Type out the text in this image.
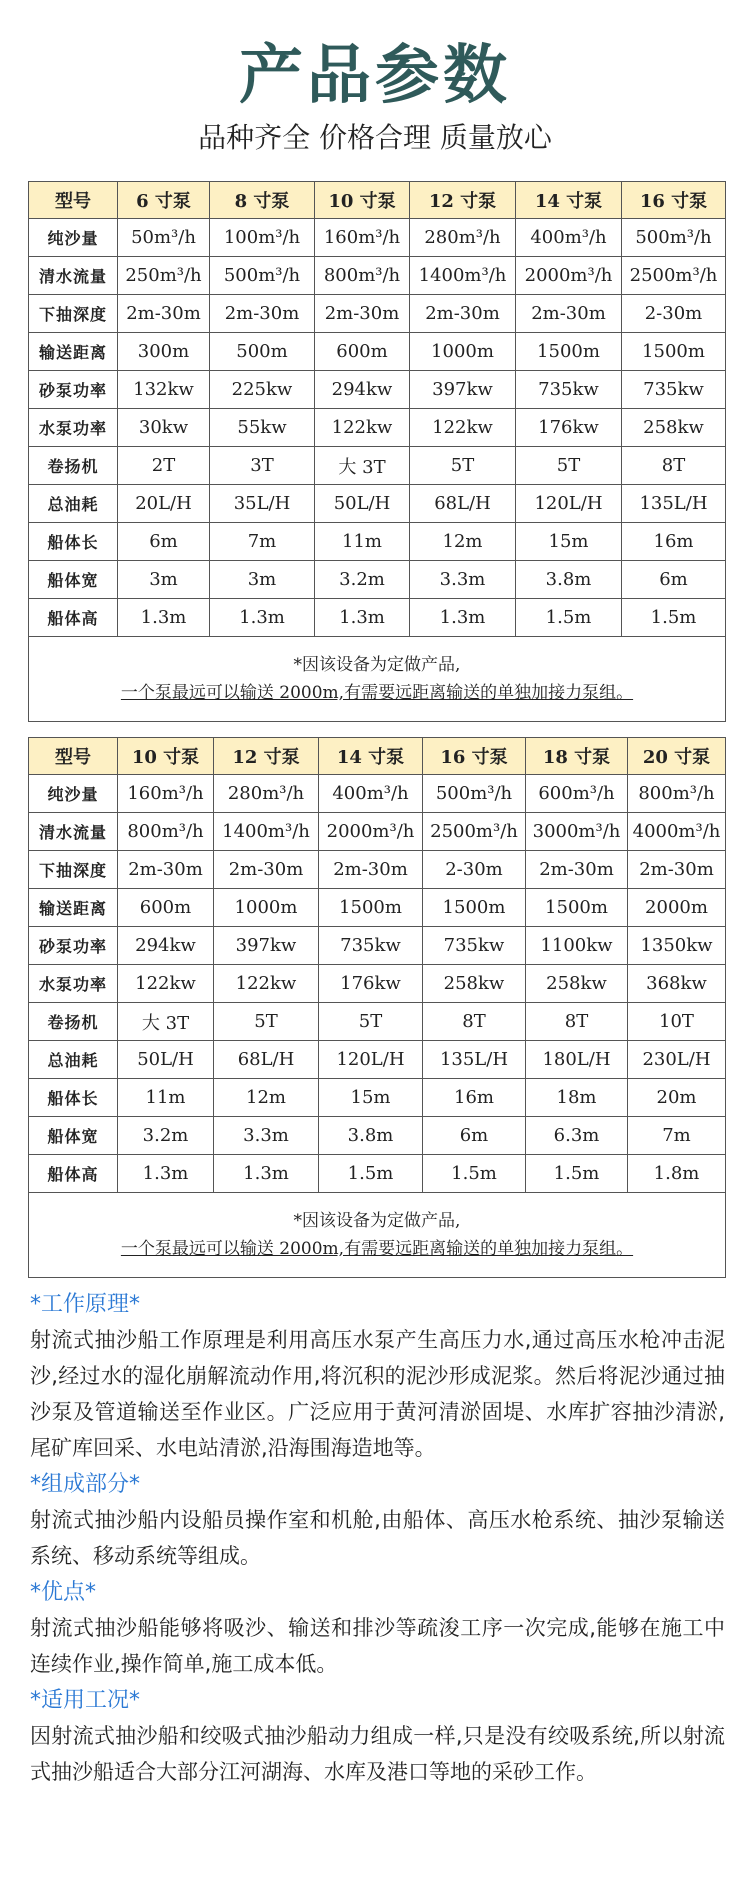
产品参数
品种齐全 价格合理 质量放心
型号	6 寸泵	8 寸泵	10 寸泵	12 寸泵	14 寸泵	16 寸泵
纯沙量	50m³/h	100m³/h	160m³/h	280m³/h	400m³/h	500m³/h
清水流量	250m³/h	500m³/h	800m³/h	1400m³/h	2000m³/h	2500m³/h
下抽深度	2m-30m	2m-30m	2m-30m	2m-30m	2m-30m	2-30m
输送距离	300m	500m	600m	1000m	1500m	1500m
砂泵功率	132kw	225kw	294kw	397kw	735kw	735kw
水泵功率	30kw	55kw	122kw	122kw	176kw	258kw
卷扬机	2T	3T	大 3T	5T	5T	8T
总油耗	20L/H	35L/H	50L/H	68L/H	120L/H	135L/H
船体长	6m	7m	11m	12m	15m	16m
船体宽	3m	3m	3.2m	3.3m	3.8m	6m
船体高	1.3m	1.3m	1.3m	1.3m	1.5m	1.5m

*因该设备为定做产品,
一个泵最远可以输送 2000m,有需要远距离输送的单独加接力泵组。						
型号	10 寸泵	12 寸泵	14 寸泵	16 寸泵	18 寸泵	20 寸泵
纯沙量	160m³/h	280m³/h	400m³/h	500m³/h	600m³/h	800m³/h
清水流量	800m³/h	1400m³/h	2000m³/h	2500m³/h	3000m³/h	4000m³/h
下抽深度	2m-30m	2m-30m	2m-30m	2-30m	2m-30m	2m-30m
输送距离	600m	1000m	1500m	1500m	1500m	2000m
砂泵功率	294kw	397kw	735kw	735kw	1100kw	1350kw
水泵功率	122kw	122kw	176kw	258kw	258kw	368kw
卷扬机	大 3T	5T	5T	8T	8T	10T
总油耗	50L/H	68L/H	120L/H	135L/H	180L/H	230L/H
船体长	11m	12m	15m	16m	18m	20m
船体宽	3.2m	3.3m	3.8m	6m	6.3m	7m
船体高	1.3m	1.3m	1.5m	1.5m	1.5m	1.8m

*因该设备为定做产品,
一个泵最远可以输送 2000m,有需要远距离输送的单独加接力泵组。						
*工作原理*

射流式抽沙船工作原理是利用高压水泵产生高压力水,通过高压水枪冲击泥沙,经过水的湿化崩解流动作用,将沉积的泥沙形成泥浆。然后将泥沙通过抽沙泵及管道输送至作业区。广泛应用于黄河清淤固堤、水库扩容抽沙清淤,尾矿库回采、水电站清淤,沿海围海造地等。

*组成部分*

射流式抽沙船内设船员操作室和机舱,由船体、高压水枪系统、抽沙泵输送系统、移动系统等组成。

*优点*

射流式抽沙船能够将吸沙、输送和排沙等疏浚工序一次完成,能够在施工中连续作业,操作简单,施工成本低。

*适用工况*

因射流式抽沙船和绞吸式抽沙船动力组成一样,只是没有绞吸系统,所以射流式抽沙船适合大部分江河湖海、水库及港口等地的采砂工作。
